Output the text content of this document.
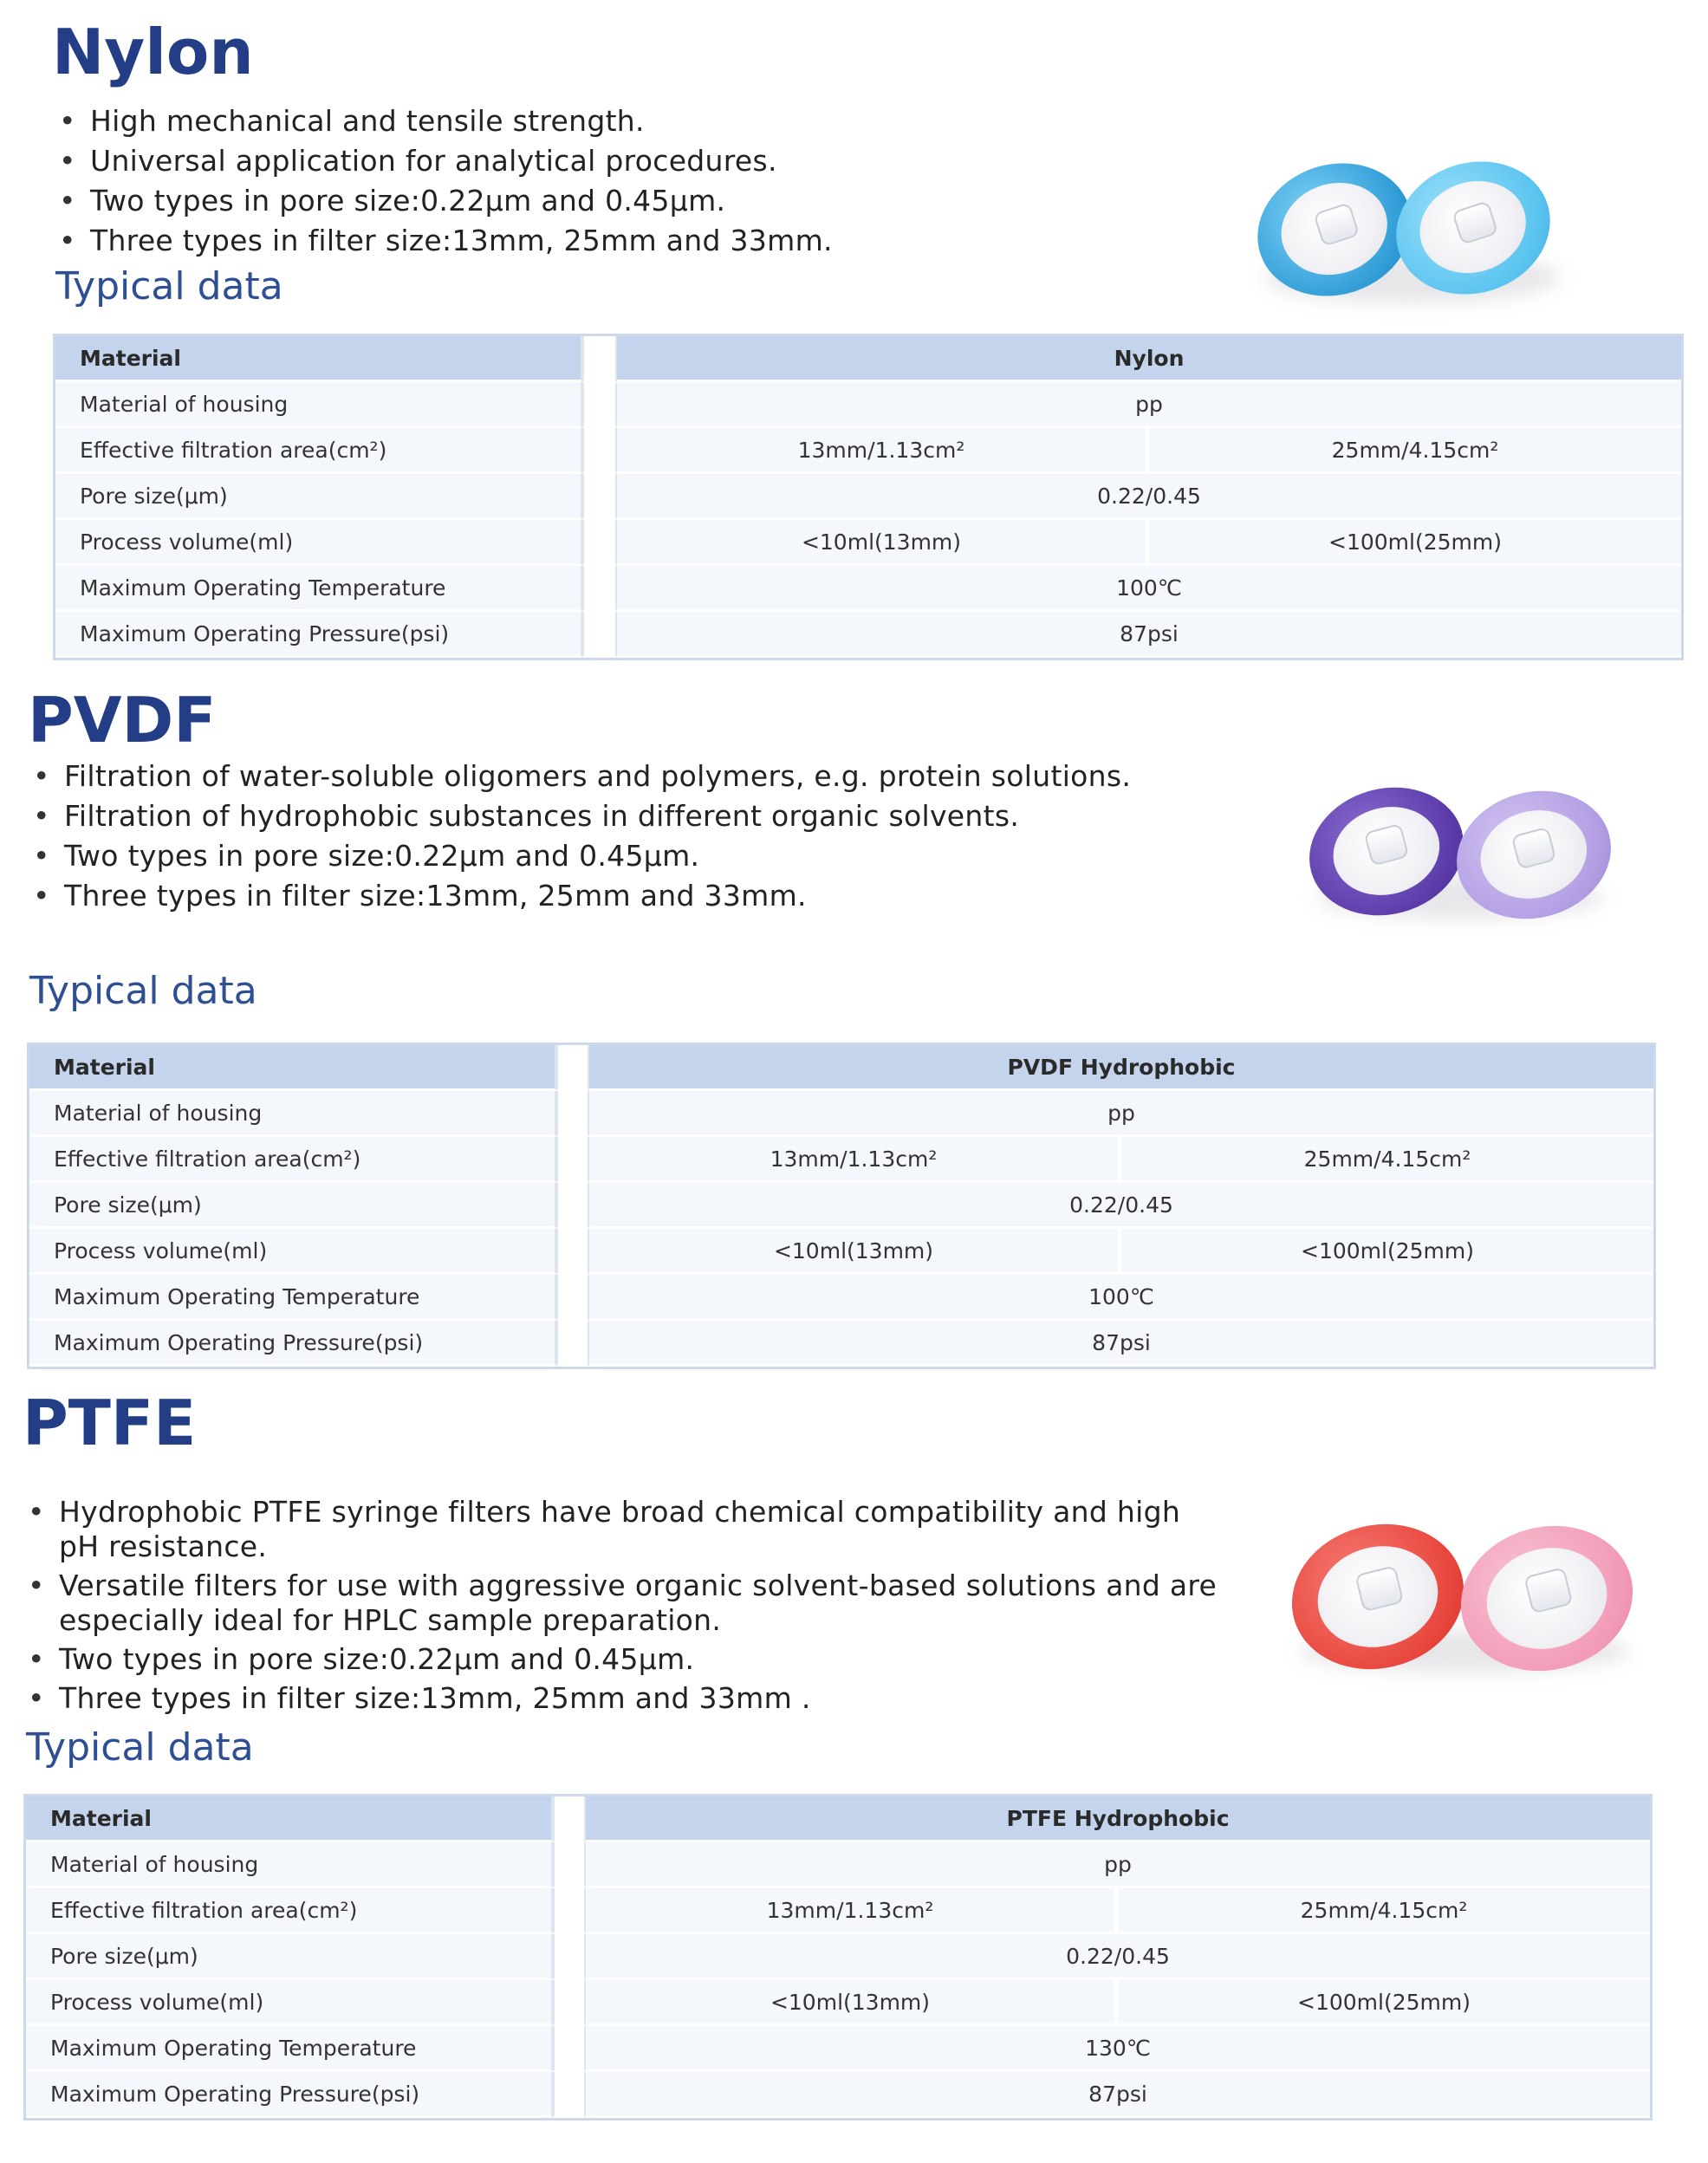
Nylon
• High mechanical and tensile strength.
• Universal application for analytical procedures.
• Two types in pore size:0.22μm and 0.45μm.
• Three types in filter size:13mm, 25mm and 33mm.
Typical data
Material		Nylon	
Material of housing		pp	
Effective filtration area(cm²)		13mm/1.13cm²	25mm/4.15cm²
Pore size(μm)		0.22/0.45	
Process volume(ml)		<10ml(13mm)	<100ml(25mm)
Maximum Operating Temperature		100℃	
Maximum Operating Pressure(psi)		87psi	
PVDF
• Filtration of water-soluble oligomers and polymers, e.g. protein solutions.
• Filtration of hydrophobic substances in different organic solvents.
• Two types in pore size:0.22μm and 0.45μm.
• Three types in filter size:13mm, 25mm and 33mm.
Typical data
Material		PVDF Hydrophobic	
Material of housing		pp	
Effective filtration area(cm²)		13mm/1.13cm²	25mm/4.15cm²
Pore size(μm)		0.22/0.45	
Process volume(ml)		<10ml(13mm)	<100ml(25mm)
Maximum Operating Temperature		100℃	
Maximum Operating Pressure(psi)		87psi	
PTFE
• Hydrophobic PTFE syringe filters have broad chemical compatibility and high pH resistance.
• Versatile filters for use with aggressive organic solvent-based solutions and are especially ideal for HPLC sample preparation.
• Two types in pore size:0.22μm and 0.45μm.
• Three types in filter size:13mm, 25mm and 33mm .
Typical data
Material		PTFE Hydrophobic	
Material of housing		pp	
Effective filtration area(cm²)		13mm/1.13cm²	25mm/4.15cm²
Pore size(μm)		0.22/0.45	
Process volume(ml)		<10ml(13mm)	<100ml(25mm)
Maximum Operating Temperature		130℃	
Maximum Operating Pressure(psi)		87psi	
